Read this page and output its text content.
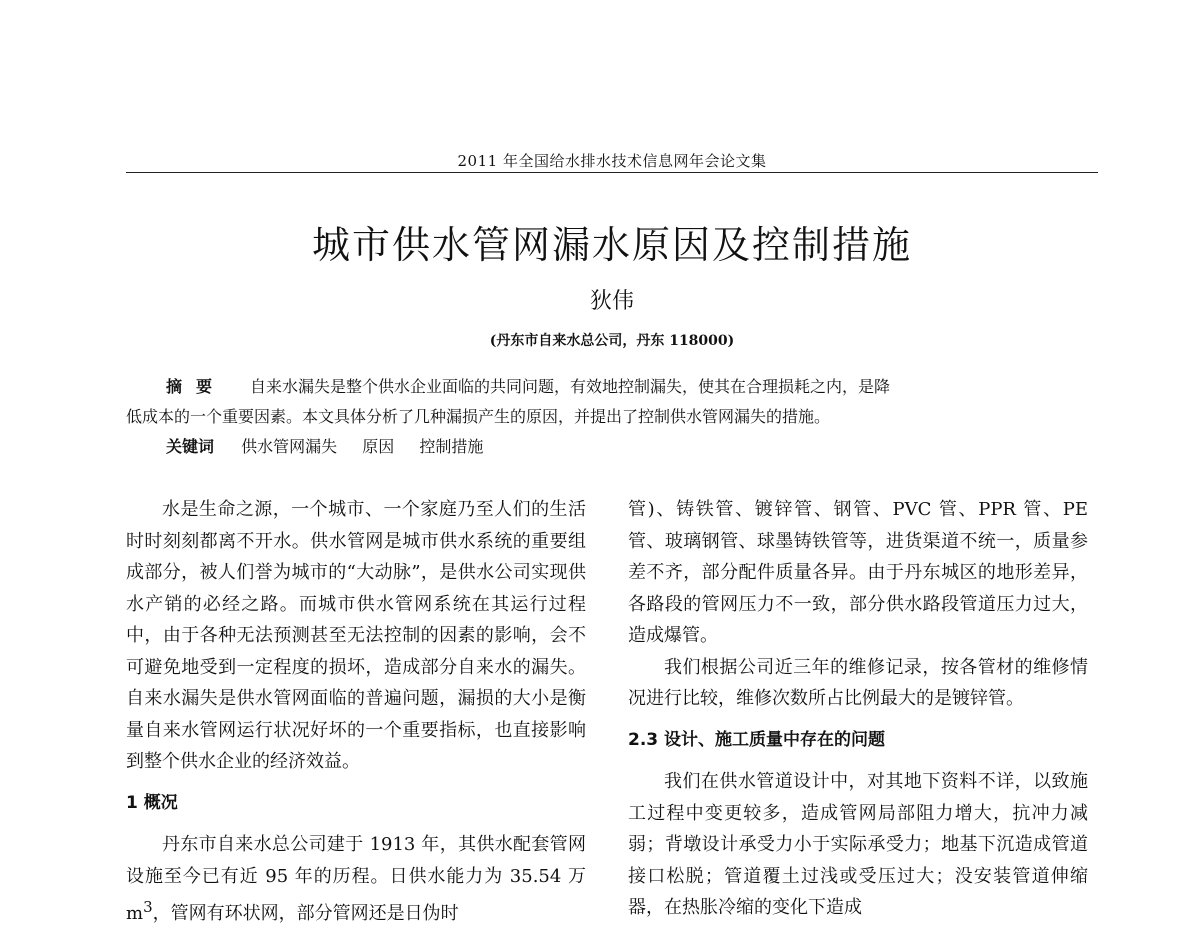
2011 年全国给水排水技术信息网年会论文集
城市供水管网漏水原因及控制措施
狄伟
(丹东市自来水总公司，丹东 118000)
摘要 自来水漏失是整个供水企业面临的共同问题，有效地控制漏失，使其在合理损耗之内，是降
低成本的一个重要因素。本文具体分析了几种漏损产生的原因，并提出了控制供水管网漏失的措施。
关键词 供水管网漏失 原因 控制措施

水是生命之源，一个城市、一个家庭乃至人们的生活时时刻刻都离不开水。供水管网是城市供水系统的重要组成部分，被人们誉为城市的“大动脉”，是供水公司实现供水产销的必经之路。而城市供水管网系统在其运行过程中，由于各种无法预测甚至无法控制的因素的影响，会不可避免地受到一定程度的损坏，造成部分自来水的漏失。自来水漏失是供水管网面临的普遍问题，漏损的大小是衡量自来水管网运行状况好坏的一个重要指标，也直接影响到整个供水企业的经济效益。

1 概况

丹东市自来水总公司建于 1913 年，其供水配套管网设施至今已有近 95 年的历程。日供水能力为 35.54 万 $m^3$，管网有环状网，部分管网还是日伪时

管)、铸铁管、镀锌管、钢管、PVC 管、PPR 管、PE 管、玻璃钢管、球墨铸铁管等，进货渠道不统一，质量参差不齐，部分配件质量各异。由于丹东城区的地形差异，各路段的管网压力不一致，部分供水路段管道压力过大，造成爆管。

我们根据公司近三年的维修记录，按各管材的维修情况进行比较，维修次数所占比例最大的是镀锌管。

2.3 设计、施工质量中存在的问题

我们在供水管道设计中，对其地下资料不详，以致施工过程中变更较多，造成管网局部阻力增大，抗冲力减弱；背墩设计承受力小于实际承受力；地基下沉造成管道接口松脱；管道覆土过浅或受压过大；没安装管道伸缩器，在热胀冷缩的变化下造成
